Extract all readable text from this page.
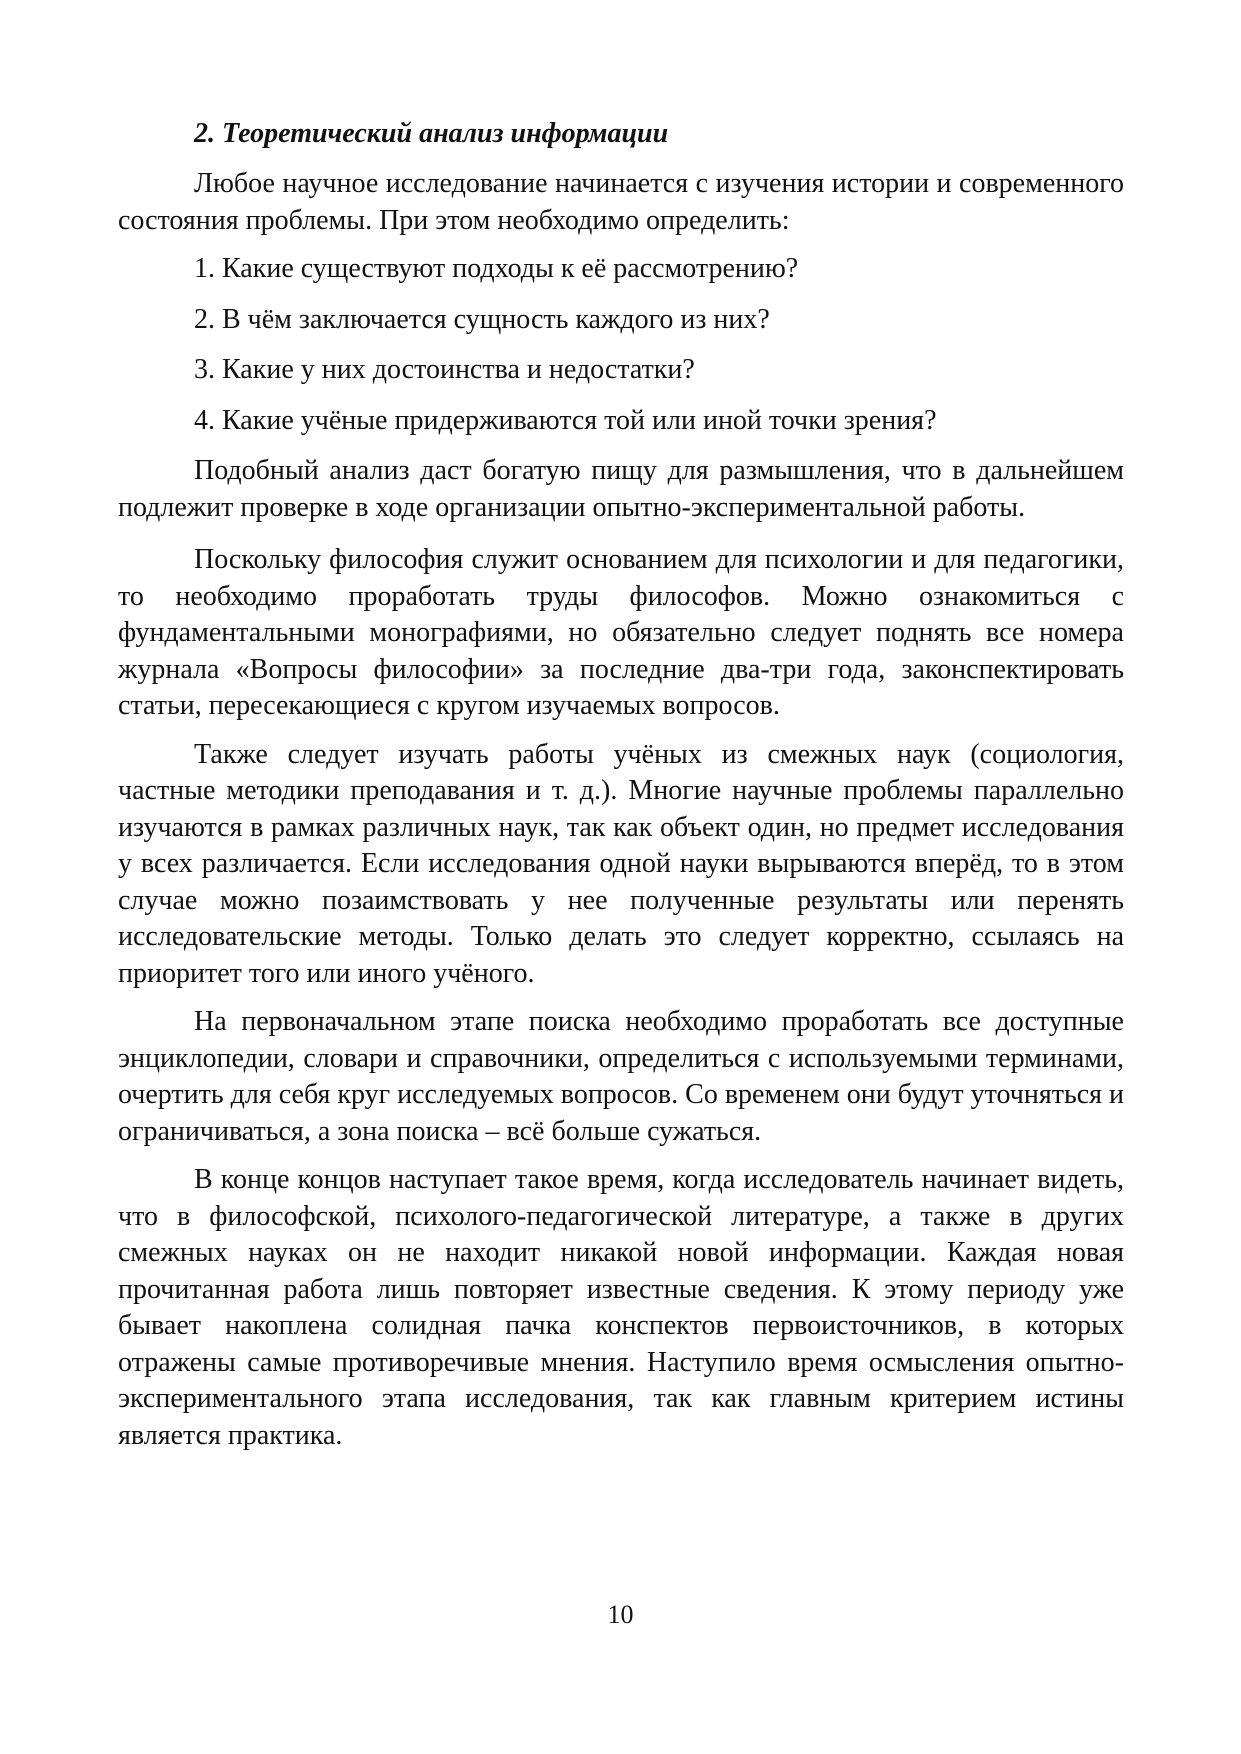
2. Теоретический анализ информации

Любое научное исследование начинается с изучения истории и современного состояния проблемы. При этом необходимо определить:

1. Какие существуют подходы к её рассмотрению?
2. В чём заключается сущность каждого из них?
3. Какие у них достоинства и недостатки?
4. Какие учёные придерживаются той или иной точки зрения?

Подобный анализ даст богатую пищу для размышления, что в дальнейшем подлежит проверке в ходе организации опытно-экспериментальной работы.

Поскольку философия служит основанием для психологии и для педагогики, то необходимо проработать труды философов. Можно ознакомиться с фундаментальными монографиями, но обязательно следует поднять все номера журнала «Вопросы философии» за последние два-три года, законспектировать статьи, пересекающиеся с кругом изучаемых вопросов.

Также следует изучать работы учёных из смежных наук (социология, частные методики преподавания и т. д.). Многие научные проблемы параллельно изучаются в рамках различных наук, так как объект один, но предмет исследования у всех различается. Если исследования одной науки вырываются вперёд, то в этом случае можно позаимствовать у нее полученные результаты или перенять исследовательские методы. Только делать это следует корректно, ссылаясь на приоритет того или иного учёного.

На первоначальном этапе поиска необходимо проработать все доступные энциклопедии, словари и справочники, определиться с используемыми терминами, очертить для себя круг исследуемых вопросов. Со временем они будут уточняться и ограничиваться, а зона поиска – всё больше сужаться.

В конце концов наступает такое время, когда исследователь начинает видеть, что в философской, психолого-педагогической литературе, а также в других смежных науках он не находит никакой новой информации. Каждая новая прочитанная работа лишь повторяет известные сведения. К этому периоду уже бывает накоплена солидная пачка конспектов первоисточников, в которых отражены самые противоречивые мнения. Наступило время осмысления опытно-экспериментального этапа исследования, так как главным критерием истины является практика.

10
